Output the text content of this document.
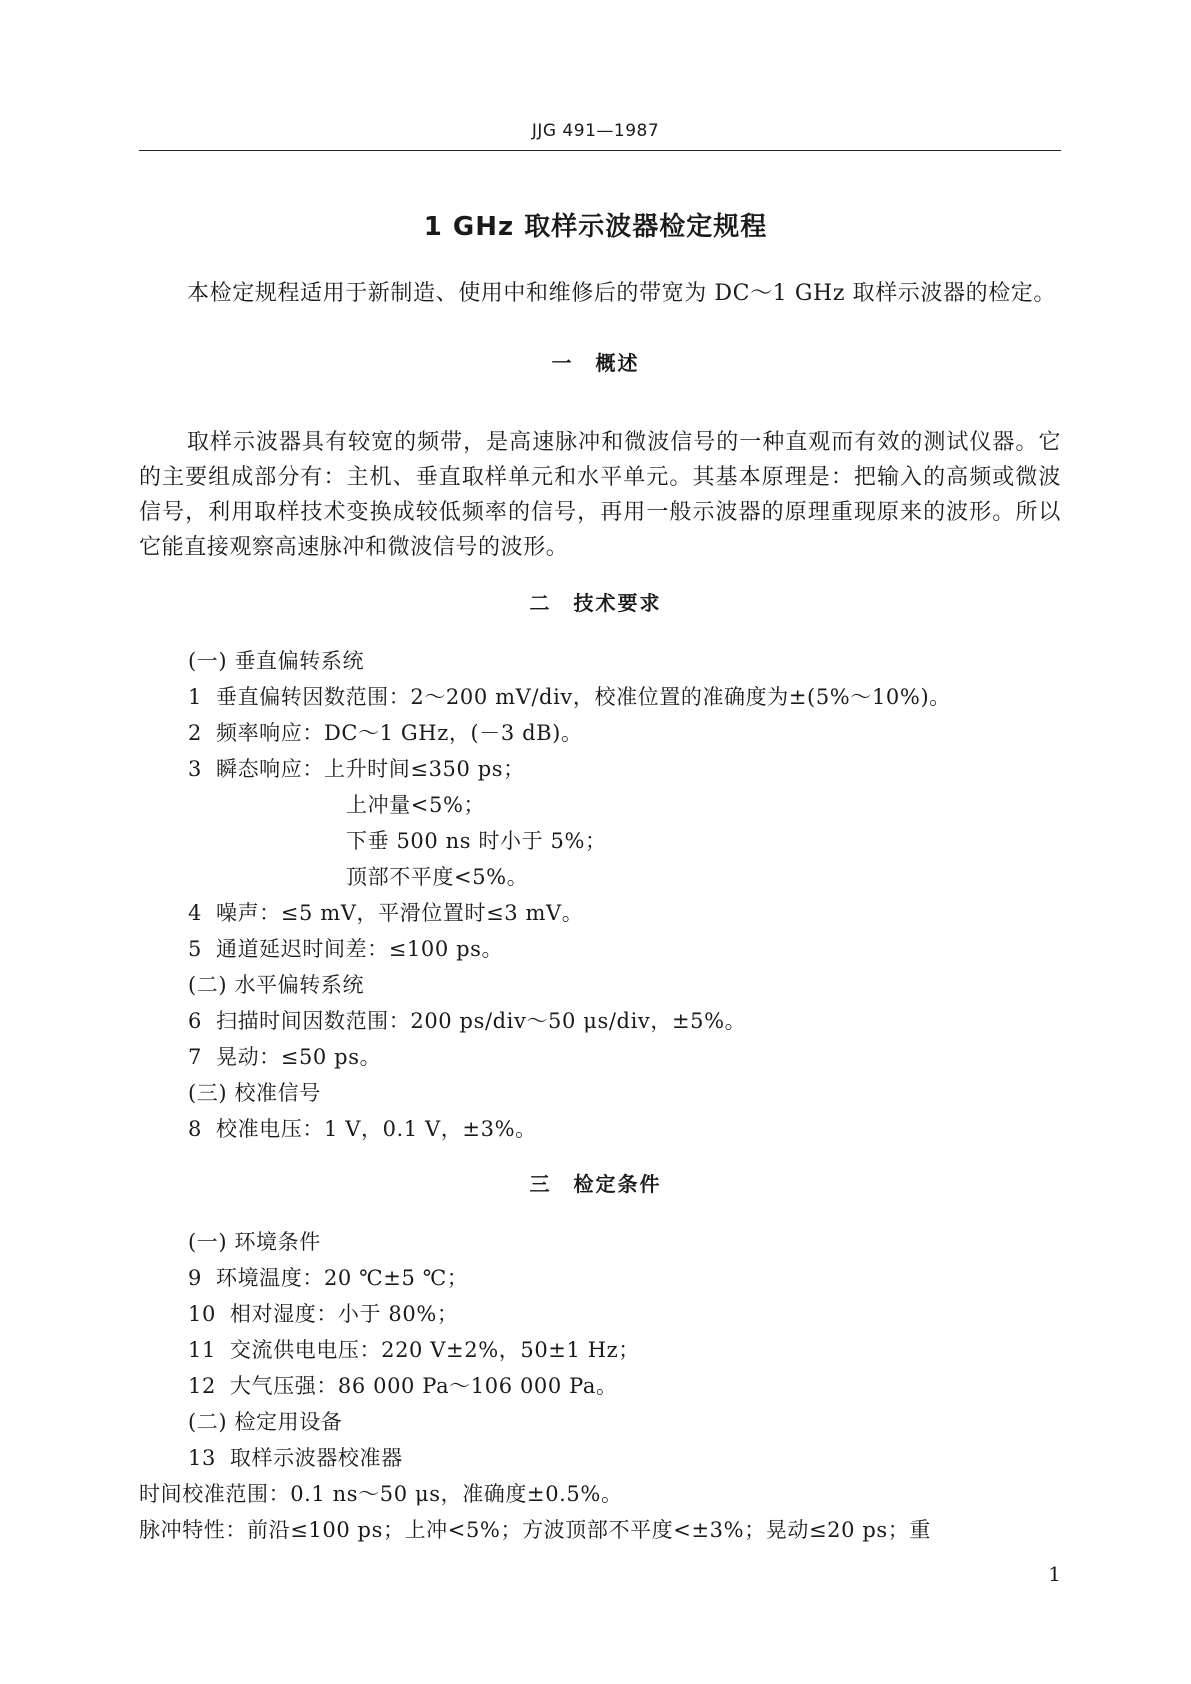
JJG 491—1987
1 GHz 取样示波器检定规程

本检定规程适用于新制造、使用中和维修后的带宽为 DC～1 GHz 取样示波器的检定。

一 概述

取样示波器具有较宽的频带，是高速脉冲和微波信号的一种直观而有效的测试仪器。它的主要组成部分有：主机、垂直取样单元和水平单元。其基本原理是：把输入的高频或微波信号，利用取样技术变换成较低频率的信号，再用一般示波器的原理重现原来的波形。所以它能直接观察高速脉冲和微波信号的波形。

二 技术要求
(一) 垂直偏转系统
1 垂直偏转因数范围：2～200 mV/div，校准位置的准确度为±(5%～10%)。
2 频率响应：DC～1 GHz，(－3 dB)。
3 瞬态响应：上升时间≤350 ps；
上冲量<5%；
下垂 500 ns 时小于 5%；
顶部不平度<5%。
4 噪声：≤5 mV，平滑位置时≤3 mV。
5 通道延迟时间差：≤100 ps。
(二) 水平偏转系统
6 扫描时间因数范围：200 ps/div～50 μs/div，±5%。
7 晃动：≤50 ps。
(三) 校准信号
8 校准电压：1 V，0.1 V，±3%。
三 检定条件
(一) 环境条件
9 环境温度：20 ℃±5 ℃；
10 相对湿度：小于 80%；
11 交流供电电压：220 V±2%，50±1 Hz；
12 大气压强：86 000 Pa～106 000 Pa。
(二) 检定用设备
13 取样示波器校准器
时间校准范围：0.1 ns～50 μs，准确度±0.5%。
脉冲特性：前沿≤100 ps；上冲<5%；方波顶部不平度<±3%；晃动≤20 ps；重
1
